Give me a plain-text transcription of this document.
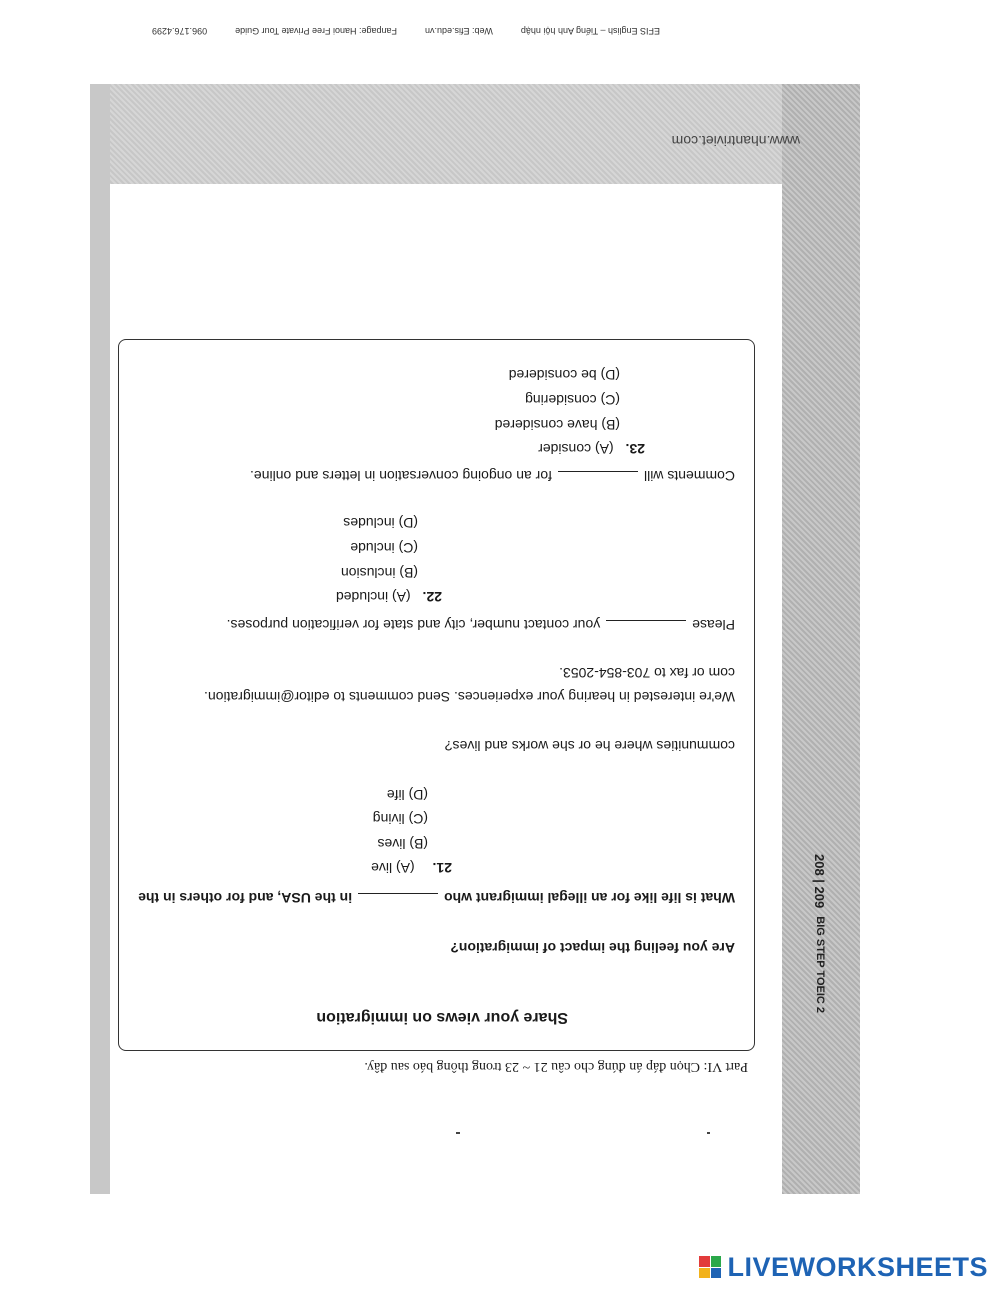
EFIS English – Tiếng Anh hội nhập
Web: Efis.edu.vn
Fanpage: Hanoi Free Private Tour Guide
096.176.4299
www.nhantriviet.com
208 | 209
BIG STEP TOEIC 2
Part VI: Chọn đáp án đúng cho câu 21 ~ 23 trong thông báo sau đây.
Share your views on immigration
Are you feeling the impact of immigration?
What is life like for an illegal immigrant whoin the USA, and for others in the
21. (A) live
(B) lives
(C) living
(D) life
communities where he or she works and lives?
We're interested in hearing your experiences. Send comments to editor@immigration.
com or fax to 703-854-2053.
Pleaseyour contact number, city and state for verification purposes.
22. (A) included
(B) inclusion
(C) include
(D) includes
Comments willfor an ongoing conversation in letters and online.
23. (A) consider
(B) have considered
(C) considering
(D) be considered
LIVEWORKSHEETS
